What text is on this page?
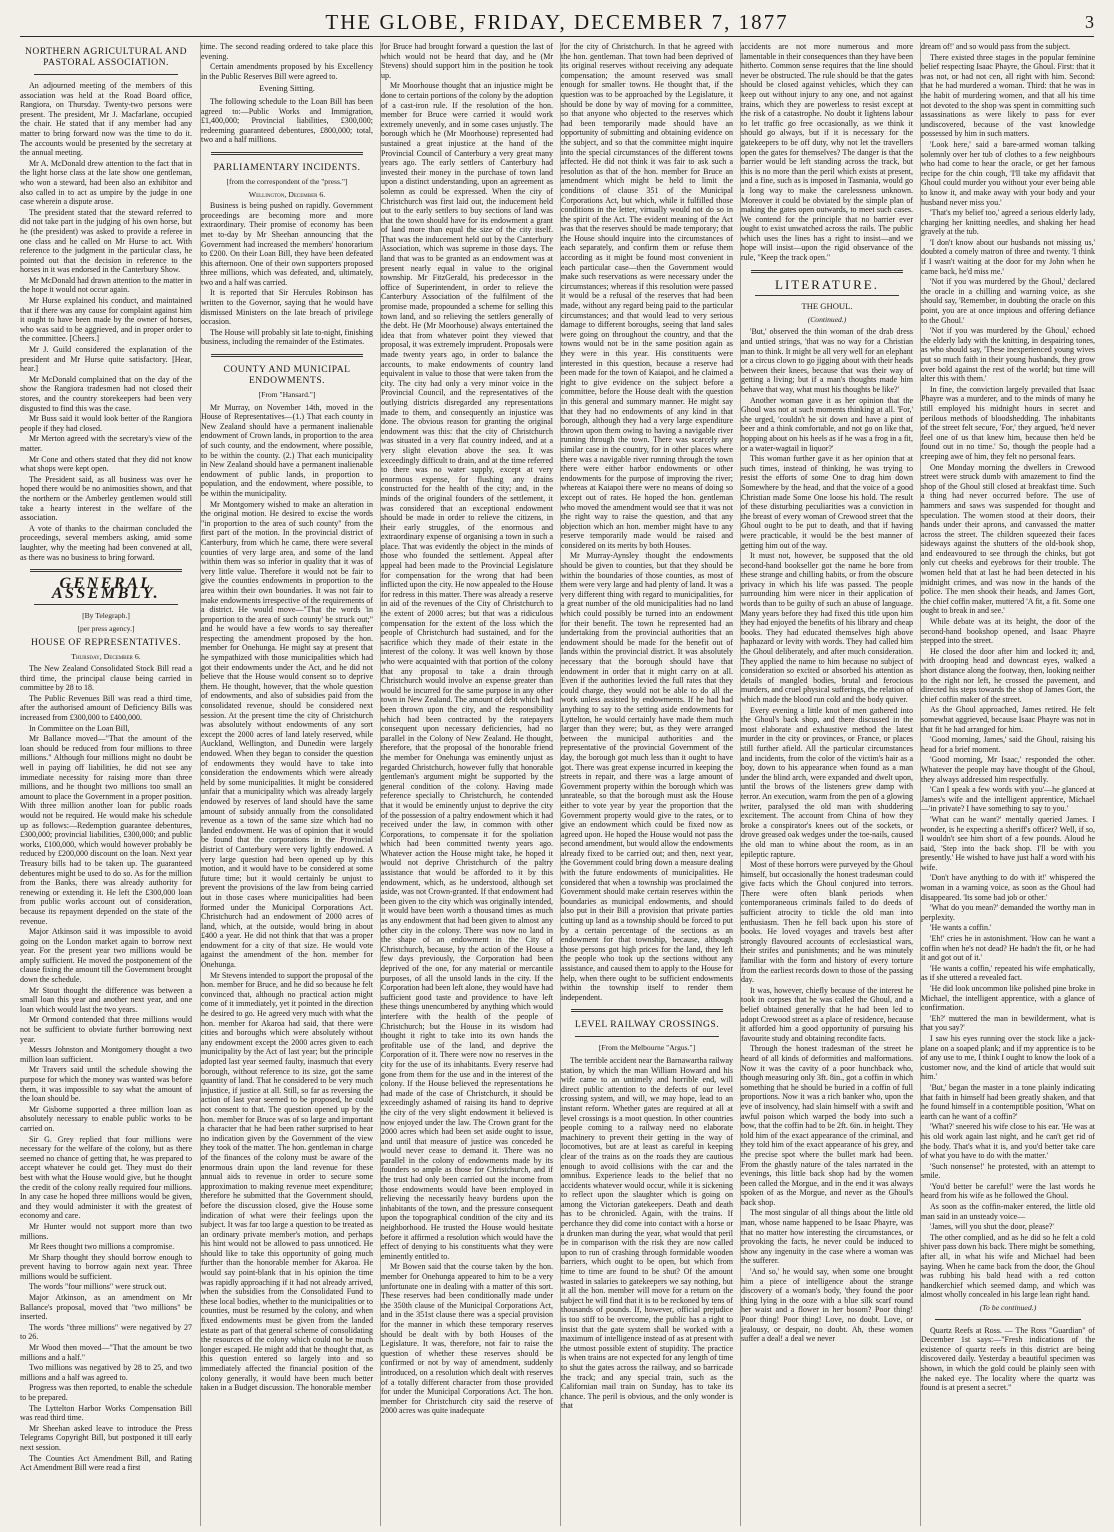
THE GLOBE, FRIDAY, DECEMBER 7, 1877	3
NORTHERN AGRICULTURAL AND PASTORAL ASSOCIATION.

An adjourned meeting of the members of this association was held at the Road Board office, Rangiora, on Thursday. Twenty-two persons were present. The president, Mr J. Macfarlane, occupied the chair. He stated that if any member had any matter to bring forward now was the time to do it. The accounts would be presented by the secretary at the annual meeting.

Mr A. McDonald drew attention to the fact that in the light horse class at the late show one gentleman, who won a steward, had been also an exhibitor and also called in to act as umpire by the judge in one case wherein a dispute arose.

The president stated that the steward referred to did not take part in the judging of his own horse, but he (the president) was asked to provide a referee in one class and he called on Mr Hurse to act. With reference to the judgment in the particular class, he pointed out that the decision in reference to the horses in it was endorsed in the Canterbury Show.

Mr McDonald had drawn attention to the matter in the hope it would not occur again.

Mr Hurse explained his conduct, and maintained that if there was any cause for complaint against him it ought to have been made by the owner of horses, who was said to be aggrieved, and in proper order to the committee. [Cheers.]

Mr J. Guild considered the explanation of the president and Mr Hurse quite satisfactory. [Hear, hear.]

Mr McDonald complained that on the day of the show the Rangiora tradesmen had not closed their stores, and the country storekeepers had been very disgusted to find this was the case.

Mr Buss said it would look better of the Rangiora people if they had closed.

Mr Merton agreed with the secretary's view of the matter.

Mr Cone and others stated that they did not know what shops were kept open.

The President said, as all business was over he hoped there would be no animosities shown, and that the northern or the Amberley gentlemen would still take a hearty interest in the welfare of the association.

A vote of thanks to the chairman concluded the proceedings, several members asking, amid some laughter, why the meeting had been convened at all, as there was no business to bring forward.

GENERAL ASSEMBLY.
[By Telegraph.]
[per press agency.]
HOUSE OF REPRESENTATIVES.
Thursday, December 6.

The New Zealand Consolidated Stock Bill read a third time, the principal clause being carried in committee by 28 to 18.

The Public Revenues Bill was read a third time, after the authorised amount of Deficiency Bills was increased from £300,000 to £400,000.

In Committee on the Loan Bill,

Mr Ballance moved—"That the amount of the loan should be reduced from four millions to three millions." Although four millions might no doubt be well in paying off liabilities, he did not see any immediate necessity for raising more than three millions, and he thought two millions too small an amount to place the Government in a proper position. With three million another loan for public roads would not be required. He would make his schedule up as follows:—Redemption guarantee debentures, £300,000; provincial liabilities, £300,000; and public works, £100,000, which would however probably be reduced by £200,000 discount on the loan. Next year Treasury bills had to be taken up. The guaranteed debentures might be used to do so. As for the million from the Banks, there was already authority for renewing or extending it. He left the £300,000 loan from public works account out of consideration, because its repayment depended on the state of the revenue.

Major Atkinson said it was impossible to avoid going on the London market again to borrow next year. For the present year two millions would be amply sufficient. He moved the postponement of the clause fixing the amount till the Government brought down the schedule.

Mr Stout thought the difference was between a small loan this year and another next year, and one loan which would last the two years.

Mr Ormond contended that three millions would not be sufficient to obviate further borrowing next year.

Messrs Johnston and Montgomery thought a two million loan sufficient.

Mr Travers said until the schedule showing the purpose for which the money was wanted was before them, it was impossible to say what the amount of the loan should be.

Mr Gisborne supported a three million loan as absolutely necessary to enable public works to be carried on.

Sir G. Grey replied that four millions were necessary for the welfare of the colony, but as there seemed no chance of getting that, he was prepared to accept whatever he could get. They must do their best with what the House would give, but he thought the credit of the colony really required four millions. In any case he hoped three millions would be given, and they would administer it with the greatest of economy and care.

Mr Hunter would not support more than two millions.

Mr Rees thought two millions a compromise.

Mr Sharp thought they should borrow enough to prevent having to borrow again next year. Three millions would be sufficient.

The words "four millions" were struck out.

Major Atkinson, as an amendment on Mr Ballance's proposal, moved that "two millions" be inserted.

The words "three millions" were negatived by 27 to 26.

Mr Wood then moved—"That the amount be two millions and a half."

Two millions was negatived by 28 to 25, and two millions and a half was agreed to.

Progress was then reported, to enable the schedule to be prepared.

The Lyttelton Harbor Works Compensation Bill was read third time.

Mr Sheehan asked leave to introduce the Press Telegrams Copyright Bill, but postponed it till early next session.

The Counties Act Amendment Bill, and Rating Act Amendment Bill were read a first

time. The second reading ordered to take place this evening.

Certain amendments proposed by his Excellency in the Public Reserves Bill were agreed to.

Evening Sitting.

The following schedule to the Loan Bill has been agreed to:—Public Works and Immigration, £1,400,000; Provincial liabilities, £300,000; redeeming guaranteed debentures, £800,000; total, two and a half millions.

PARLIAMENTARY INCIDENTS.
[from the correspondent of the "press."]
Wellington, December 6.

Business is being pushed on rapidly. Government proceedings are becoming more and more extraordinary. Their promise of economy has been met to-day by Mr Sheehan announcing that the Government had increased the members' honorarium to £200. On their Loan Bill, they have been defeated this afternoon. One of their own supporters proposed three millions, which was defeated, and, ultimately, two and a half was carried.

It is reported that Sir Hercules Robinson has written to the Governor, saying that he would have dismissed Ministers on the late breach of privilege occasion.

The House will probably sit late to-night, finishing business, including the remainder of the Estimates.

COUNTY AND MUNICIPAL ENDOWMENTS.
[From "Hansard."]

Mr Murray, on November 14th, moved in the House of Representatives—(1.) That each county in New Zealand should have a permanent inalienable endowment of Crown lands, in proportion to the area of such county, and the endowment, where possible, to be within the county. (2.) That each municipality in New Zealand should have a permanent inalienable endowment of public lands, in proportion to population, and the endowment, where possible, to be within the municipality.

Mr Montgomery wished to make an alteration in the original motion. He desired to excise the words "in proportion to the area of such county" from the first part of the motion. In the provincial district of Canterbury, from which he came, there were several counties of very large area, and some of the land within them was so inferior in quality that it was of very little value. Therefore it would not be fair to give the counties endowments in proportion to the area within their own boundaries. It was not fair to make endowments irrespective of the requirements of a district. He would move—"That the words 'in proportion to the area of such county' be struck out;" and he would have a few words to say thereafter respecting the amendment proposed by the hon. member for Onehunga. He might say at present that he sympathized with those municipalities which had got their endowments under the Act, and he did not believe that the House would consent so to deprive them. He thought, however, that the whole question of endowments, and also of subsidies paid from the consolidated revenue, should be considered next session. At the present time the city of Christchurch was absolutely without endowments of any sort except the 2000 acres of land lately reserved, while Auckland, Wellington, and Dunedin were largely endowed. When they began to consider the question of endowments they would have to take into consideration the endowments which were already held by some municipalities. It might be considered unfair that a municipality which was already largely endowed by reserves of land should have the same amount of subsidy annually from the consolidated revenue as a town of the same size which had no landed endowment. He was of opinion that it would be found that the corporations in the Provincial district of Canterbury were very lightly endowed. A very large question had been opened up by this motion, and it would have to be considered at some future time; but it would certainly be unjust to prevent the provisions of the law from being carried out in those cases where municipalities had been formed under the Municipal Corporations Act. Christchurch had an endowment of 2000 acres of land, which, at the outside, would bring in about £400 a year. He did not think that that was a proper endowment for a city of that size. He would vote against the amendment of the hon. member for Onehunga.

Mr Stevens intended to support the proposal of the hon. member for Bruce, and he did so because he felt convinced that, although no practical action might come of it immediately, yet it pointed in the direction he desired to go. He agreed very much with what the hon. member for Akaroa had said, that there were cities and boroughs which were absolutely without any endowment except the 2000 acres given to each municipality by the Act of last year; but the principle adopted last year seemed faulty, inasmuch that every borough, without reference to its size, got the same quantity of land. That he considered to be very much injustice, if justice at all. Still, so far as reversing the action of last year seemed to be proposed, he could not consent to that. The question opened up by the hon. member for Bruce was of so large and important a character that he had been rather surprised to hear no indication given by the Government of the view they took of the matter. The hon. gentleman in charge of the finances of the colony must be aware of the enormous drain upon the land revenue for these annual aids to revenue in order to secure some approximation to making revenue meet expenditure; therefore he submitted that the Government should, before the discussion closed, give the House some indication of what were their feelings upon the subject. It was far too large a question to be treated as an ordinary private member's motion, and perhaps his hint would not be allowed to pass unnoticed. He should like to take this opportunity of going much further than the honorable member for Akaroa. He would say point-blank that in his opinion the time was rapidly approaching if it had not already arrived, when the subsidies from the Consolidated Fund to these local bodies, whether to the municipalities or to counties, must be resumed by the colony, and when fixed endowments must be given from the landed estate as part of that general scheme of consolidating the resources of the colony which could not be much longer escaped. He might add that he thought that, as this question entered so largely into and so immediately affected the financial position of the colony generally, it would have been much better taken in a Budget discussion. The honorable member

for Bruce had brought forward a question the last of which would not be heard that day, and he (Mr Stevens) should support him in the position he took up.

Mr Moorhouse thought that an injustice might be done to certain portions of the colony by the adoption of a cast-iron rule. If the resolution of the hon. member for Bruce were carried it would work extremely unevenly, and in some cases unjustly. The borough which he (Mr Moorhouse) represented had sustained a great injustice at the hand of the Provincial Council of Canterbury a very great many years ago. The early settlers of Canterbury had invested their money in the purchase of town land upon a distinct understanding, upon an agreement as solemn as could be expressed. When the city of Christchurch was first laid out, the inducement held out to the early settlers to buy sections of land was that the town should have for its endowment a grant of land more than equal the size of the city itself. That was the inducement held out by the Canterbury Association, which was supreme in those days. The land that was to be granted as an endowment was at present nearly equal in value to the original township. Mr FitzGerald, his predecessor in the office of Superintendent, in order to relieve the Canterbury Association of the fulfilment of the promise made, propounded a scheme for selling this town land, and so relieving the settlers generally of the debt. He (Mr Moorhouse) always entertained the idea that from whatever point they viewed that proposal, it was extremely imprudent. Proposals were made twenty years ago, in order to balance the accounts, to make endowments of country land equivalent in value to those that were taken from the city. The city had only a very minor voice in the Provincial Council, and the representatives of the outlying districts disregarded any representations made to them, and consequently an injustice was done. The obvious reason for granting the original endowment was this: that the city of Christchurch was situated in a very flat country indeed, and at a very slight elevation above the sea. It was exceedingly difficult to drain, and at the time referred to there was no water supply, except at very enormous expense, for flushing any drains constructed for the health of the city; and, in the minds of the original founders of the settlement, it was considered that an exceptional endowment should be made in order to relieve the citizens, in their early struggles, of the enormous and extraordinary expense of organising a town in such a place. That was evidently the object in the minds of those who founded the settlement. Appeal after appeal had been made to the Provincial Legislature for compensation for the wrong that had been inflicted upon the city. He now appealed to the House for redress in this matter. There was already a reserve in aid of the revenues of the City of Christchurch to the extent of 2000 acres; but that was a ridiculous compensation for the extent of the loss which the people of Christchurch had sustained, and for the sacrifice which they made of their estate in the interest of the colony. It was well known by those who were acquainted with that portion of the colony that any proposal to take a drain through Christchurch would involve an expense greater than would be incurred for the same purpose in any other town in New Zealand. The amount of debt which had been thrown upon the city, and the responsibility which had been contracted by the ratepayers consequent upon necessary deficiencies, had no parallel in the Colony of New Zealand. He thought, therefore, that the proposal of the honorable friend the member for Onehunga was eminently unjust as regarded Christchurch, however fully that honorable gentleman's argument might be supported by the general condition of the colony. Having made reference specially to Christchurch, he contended that it would be eminently unjust to deprive the city of the possession of a paltry endowment which it had received under the law, in common with other Corporations, to compensate it for the spoliation which had been committed twenty years ago. Whatever action the House might take, he hoped it would not deprive Christchurch of the paltry assistance that would be afforded to it by this endowment, which, as he understood, although set aside, was not Crown-granted. If that endowment had been given to the city which was originally intended, it would have been worth a thousand times as much as any endowment that had been given to almost any other city in the colony. There was now no land in the shape of an endowment in the City of Christchurch, because, by the action of the House a few days previously, the Corporation had been deprived of the one, for any material or mercantile purposes, of all the unsold lands in the city. If the Corporation had been left alone, they would have had sufficient good taste and providence to have left these things unencumbered by anything which would interfere with the health of the people of Christchurch; but the House in its wisdom had thought it right to take into its own hands the profitable use of the land, and deprive the Corporation of it. There were now no reserves in the city for the use of its inhabitants. Every reserve had gone from them for the use and in the interest of the colony. If the House believed the representations he had made of the case of Christchurch, it should be exceedingly ashamed of raising its hand to deprive the city of the very slight endowment it believed is now enjoyed under the law. The Crown grant for the 2000 acres which had been set aside ought to issue, and until that measure of justice was conceded he would never cease to demand it. There was no parallel in the colony of endowments made by its founders so ample as those for Christchurch, and if the trust had only been carried out the income from those endowments would have been employed in relieving the necessarily heavy burdens upon the inhabitants of the town, and the pressure consequent upon the topographical condition of the city and its neighborhood. He trusted the House would hesitate before it affirmed a resolution which would have the effect of denying to his constituents what they were eminently entitled to.

Mr Bowen said that the course taken by the hon. member for Onehunga appeared to him to be a very unfortunate one in dealing with a matter of this sort. These reserves had been conditionally made under the 350th clause of the Municipal Corporations Act, and in the 351st clause there was a special provision for the manner in which these temporary reserves should be dealt with by both Houses of the Legislature. It was, therefore, not fair to raise the question of whether these reserves should be confirmed or not by way of amendment, suddenly introduced, on a resolution which dealt with reserves of a totally different character from those provided for under the Municipal Corporations Act. The hon. member for Christchurch city said the reserve of 2000 acres was quite inadequate

for the city of Christchurch. In that he agreed with the hon. gentleman. That town had been deprived of its original reserves without receiving any adequate compensation; the amount reserved was small enough for smaller towns. He thought that, if the question was to be approached by the Legislature, it should be done by way of moving for a committee, so that anyone who objected to the reserves which had been temporarily made should have an opportunity of submitting and obtaining evidence on the subject, and so that the committee might inquire into the special circumstances of the different towns affected. He did not think it was fair to ask such a resolution as that of the hon. member for Bruce an amendment which might be held to limit the conditions of clause 351 of the Municipal Corporations Act, but which, while it fulfilled those conditions in the letter, virtually would not do so in the spirit of the Act. The evident meaning of the Act was that the reserves should be made temporary; that the House should inquire into the circumstances of each separately, and confirm them or refuse them according as it might be found most convenient in each particular case—then the Government would make such reservations as were necessary under the circumstances; whereas if this resolution were passed it would be a refusal of the reserves that had been made, without any regard being paid to the particular circumstances; and that would lead to very serious damage to different boroughs, seeing that land sales were going on throughout the country, and that the towns would not be in the same position again as they were in this year. His constituents were interested in this question, because a reserve had been made for the town of Kaiapoi, and he claimed a right to give evidence on the subject before a committee, before the House dealt with the question in this general and summary manner. He might say that they had no endowments of any kind in that borough, although they had a very large expenditure thrown upon them owing to having a navigable river running through the town. There was scarcely any similar case in the country, for in other places where there was a navigable river running through the town there were either harbor endowments or other endowments for the purpose of improving the river; whereas at Kaiapoi there were no means of doing so except out of rates. He hoped the hon. gentleman who moved the amendment would see that it was not the right way to raise the question, and that any objection which an hon. member might have to any reserve temporarily made would be raised and considered on its merits by both Houses.

Mr Murray-Aynsley thought the endowments should be given to counties, but that they should be within the boundaries of those counties, as most of them were very large and had plenty of land. It was a very different thing with regard to municipalities, for a great number of the old municipalities had no land which could possibly be turned into an endowment for their benefit. The town he represented had an undertaking from the provincial authorities that an endowment should be made for the benefit out of lands within the provincial district. It was absolutely necessary that the borough should have that endowment in order that it might carry on at all. Even if the authorities levied the full rates that they could charge, they would not be able to do all the work unless assisted by endowments. If he had had anything to say to the setting aside endowments for Lyttelton, he would certainly have made them much larger than they were; but, as they were arranged between the municipal authorities and the representative of the provincial Government of the day, the borough got much less than it ought to have got. There was great expense incurred in keeping the streets in repair, and there was a large amount of Government property within the borough which was unrateable, so that the borough must ask the House either to vote year by year the proportion that the Government property would give to the rates, or to give an endowment which could be fixed now as agreed upon. He hoped the House would not pass the second amendment, but would allow the endowments already fixed to be carried out; and then, next year, the Government could bring down a measure dealing with the future endowments of municipalities. He considered that when a township was proclaimed the Government should make certain reserves within the boundaries as municipal endowments, and should also put in their Bill a provision that private parties cutting up land as a township should be forced to put by a certain percentage of the sections as an endowment for that township, because, although those persons got high prices for the land, they left the people who took up the sections without any assistance, and caused them to apply to the House for help, when there ought to be sufficient endowments within the township itself to render them independent.

LEVEL RAILWAY CROSSINGS.
[From the Melbourne "Argus."]

The terrible accident near the Barnawartha railway station, by which the man William Howard and his wife came to an untimely and horrible end, will direct public attention to the defects of our level crossing system, and will, we may hope, lead to an instant reform. Whether gates are required at all at level crossings is a moot question. In other countries people coming to a railway need no elaborate machinery to prevent their getting in the way of locomotives, but are at least as careful in keeping clear of the trains as on the roads they are cautious enough to avoid collisions with the car and the omnibus. Experience leads to the belief that no accidents whatever would occur, while it is sickening to reflect upon the slaughter which is going on among the Victorian gatekeepers. Death and death has to be chronicled. Again, with the trains. If perchance they did come into contact with a horse or a drunken man during the year, what would that peril be in comparison with the risk they are now called upon to run of crashing through formidable wooden barriers, which ought to be open, but which from time to time are found to be shut? Of the amount wasted in salaries to gatekeepers we say nothing, but it all the hon. member will move for a return on the subject he will find that it is to be reckoned by tens of thousands of pounds. If, however, official prejudice is too stiff to be overcome, the public has a right to insist that the gate system shall be worked with a maximum of intelligence instead of as at present with the utmost possible extent of stupidity. The practice is when trains are not expected for any length of time to shut the gates across the railway, and so barricade the track; and any special train, such as the Californian mail train on Sunday, has to take its chance. The peril is obvious, and the only wonder is that

accidents are not more numerous and more lamentable in their consequences than they have been hitherto. Common sense requires that the line should never be obstructed. The rule should be that the gates should be closed against vehicles, which they can keep out without injury to any one, and not against trains, which they are powerless to resist except at the risk of a catastrophe. No doubt it lightens labour to let traffic go free occasionally, as we think it should go always, but if it is necessary for the gatekeepers to be off duty, why not let the travellers open the gates for themselves? The danger is that the barrier would be left standing across the track, but this is no more than the peril which exists at present, and a fine, such as is imposed in Tasmania, would go a long way to make the carelessness unknown. Moreover it could be obviated by the simple plan of making the gates open outwards, to meet such cases. We contend for the principle that no barrier ever ought to exist unwatched across the rails. The public which uses the lines has a right to insist—and we hope will insist—upon the rigid observance of the rule, "Keep the track open."

LITERATURE.
THE GHOUL.
(Continued.)

'But,' observed the thin woman of the drab dress and untied strings, 'that was no way for a Christian man to think. It might be all very well for an elephant or a circus clown to go jigging about with their heads between their knees, because that was their way of getting a living; but if a man's thoughts made him behave that way, what must his thoughts be like?'

Another woman gave it as her opinion that the Ghoul was not at such moments thinking at all. 'For,' she urged, 'couldn't he sit down and have a pint of beer and a think comfortable, and not go on like that, hopping about on his heels as if he was a frog in a fit, or a water-wagtail in liquor?'

This woman further gave it as her opinion that at such times, instead of thinking, he was trying to resist the efforts of some One to drag him down Somewhere by the head, and that the voice of a good Christian made Some One loose his hold. The result of these disturbing peculiarities was a conviction in the breast of every woman of Crewood street that the Ghoul ought to be put to death, and that if having were practicable, it would be the best manner of getting him out of the way.

It must not, however, be supposed that the old second-hand bookseller got the name he bore from these strange and chilling habits, or from the obscure privacy in which his life was passed. The people surrounding him were nicer in their application of words than to be guilty of such an abuse of language. Many years before they had fixed this title upon him they had enjoyed the benefits of his library and cheap books. They had educated themselves high above haphazard or levity with words. They had called him the Ghoul deliberately, and after much consideration. They applied the name to him because no subject of consideration so excited or absorbed his attention as details of mangled bodies, brutal and ferocious murders, and cruel physical sufferings, the relation of which made the blood run cold and the body quiver.

Every evening a little knot of men gathered into the Ghoul's back shop, and there discussed in the most elaborate and exhaustive method the latest murder in the city or provinces, or France, or places still further afield. All the particular circumstances and incidents, from the color of the victim's hair as a boy, down to his appearance when found as a man under the blind arch, were expanded and dwelt upon, until the brows of the listeners grew damp with terror. An execution, warm from the pen of a glowing writer, paralysed the old man with shuddering excitement. The account from China of how they broke a conspirator's knees out of the sockets, or drove greased oak wedges under the toe-nails, caused the old man to whine about the room, as in an epileptic rapture.

Most of these horrors were purveyed by the Ghoul himself, but occasionally the honest tradesman could give facts which the Ghoul conjured into terrors. There were often blank periods when contemporaneous criminals failed to do deeds of sufficient atrocity to tickle the old man into enthusiasm. Then he fell back upon his store of books. He loved voyages and travels best after strongly flavoured accounts of ecclesiastical wars, their strifes and punishments; and he was minutely familiar with the form and history of every torture from the earliest records down to those of the passing day.

It was, however, chiefly because of the interest he took in corpses that he was called the Ghoul, and a belief obtained generally that he had been led to adopt Crewood street as a place of residence, because it afforded him a good opportunity of pursuing his favourite study and obtaining recondite facts.

Through the honest tradesman of the street he heard of all kinds of deformities and malformations. Now it was the cavity of a poor hunchback who, though measuring only 3ft. 8in., got a coffin in which something that he should be buried in a coffin of full proportions. Now it was a rich banker who, upon the eve of insolvency, had slain himself with a swift and awful poison which warped the body into such a bow, that the coffin had to be 2ft. 6in. in height. They told him of the exact appearance of the criminal, and they told him of the exact appearance of his grey, and the precise spot where the bullet mark had been. From the ghastly nature of the tales narrated in the evenings, this little back shop had by the women been called the Morgue, and in the end it was always spoken of as the Morgue, and never as the Ghoul's back shop.

The most singular of all things about the little old man, whose name happened to be Isaac Phayre, was that no matter how interesting the circumstances, or provoking the facts, he never could be induced to show any ingenuity in the case where a woman was the sufferer.

'And so,' he would say, when some one brought him a piece of intelligence about the strange discovery of a woman's body, 'they found the poor thing lying in the ooze with a blue silk scarf round her waist and a flower in her bosom? Poor thing! Poor thing! Poor thing! Love, no doubt. Love, or jealousy, or despair, no doubt. Ah, these women suffer a deal! a deal we never

dream of!' and so would pass from the subject.

There existed three stages in the popular feminine belief respecting Isaac Phayre, the Ghoul. First: that it was not, or had not cen, all right with him. Second: that he had murdered a woman. Third: that he was in the habit of murdering women, and that all his time not devoted to the shop was spent in committing such assassinations as were likely to pass for ever undiscovered, because of the vast knowledge possessed by him in such matters.

'Look here,' said a bare-armed woman talking solemnly over her tub of clothes to a few neighbours who had come to hear the oracle, or get her famous recipe for the chin cough, 'I'll take my affidavit that Ghoul could murder you without your ever being able to know it, and make away with your body and your husband never miss you.'

'That's my belief too,' agreed a serious elderly lady, charging her knitting needles, and shaking her head gravely at the tub.

'I don't know about our husbands not missing us,' doubted a comely matron of three and twenty. 'I think if I wasn't waiting at the door for my John when he came back, he'd miss me.'

'Not if you was murdered by the Ghoul,' declared the oracle in a chilling and warning voice, as she should say, 'Remember, in doubting the oracle on this point, you are at once impious and offering defiance to the Ghoul.'

'Not if you was murdered by the Ghoul,' echoed the elderly lady with the knitting, in despairing tones, as who should say, 'These inexperienced young wives put so much faith in their young husbands, they grow over bold against the rest of the world; but time will alter this with them.'

In fine, the conviction largely prevailed that Isaac Phayre was a murderer, and to the minds of many he still employed his midnight hours in secret and perilous methods of bloodshedding. The inhabitants of the street felt secure, 'For,' they argued, 'he'd never feel one of us that knew him, because then he'd be found out in no time.' So, though the people had a creeping awe of him, they felt no personal fears.

One Monday morning the dwellers in Crewood street were struck dumb with amazement to find the shop of the Ghoul still closed at breakfast time. Such a thing had never occurred before. The use of hammers and saws was suspended for thought and speculation. The women stood at their doors, their hands under their aprons, and canvassed the matter across the street. The children squeezed their faces sideways against the shutters of the old-book shop, and endeavoured to see through the chinks, but got only cut cheeks and eyebrows for their trouble. The women held that at last he had been detected in his midnight crimes, and was now in the hands of the police. The men shook their heads, and James Gort, the chief coffin maker, muttered 'A fit, a fit. Some one ought to break in and see.'

While debate was at its height, the door of the second-hand bookshop opened, and Isaac Phayre stepped into the street.

He closed the door after him and locked it; and, with drooping head and downcast eyes, walked a short distance along the footway, then, looking neither to the right nor left, he crossed the pavement, and directed his steps towards the shop of James Gort, the chief coffin maker of the street.

As the Ghoul approached, James retired. He felt somewhat aggrieved, because Isaac Phayre was not in that fit he had arranged for him.

'Good morning, James,' said the Ghoul, raising his head for a brief moment.

'Good morning, Mr Isaac,' responded the other. Whatever the people may have thought of the Ghoul, they always addressed him respectfully.

'Can I speak a few words with you'—he glanced at James's wife and the intelligent apprentice, Michael—'in private? I have something to say to you.'

'What can he want?' mentally queried James. I wonder, is he expecting a sheriff's officer? Well, if so, I wouldn't see him short of a few pounds. Aloud he said, 'Step into the back shop. I'll be with you presently.' He wished to have just half a word with his wife.

'Don't have anything to do with it!' whispered the woman in a warning voice, as soon as the Ghoul had disappeared. 'Its some bad job or other.'

'What do you mean?' demanded the worthy man in perplexity.

'He wants a coffin.'

'Eh!' cries he in astonishment. 'How can he want a coffin when he's not dead? He hadn't the fit, or he had it and got out of it.'

'He wants a coffin,' repeated his wife emphatically, as if she uttered a revealed fact.

'He did look uncommon like polished pine broke in Michael, the intelligent apprentice, with a glance of confirmation.

'Eh?' muttered the man in bewilderment, what is that you say?'

I saw his eyes running over the stock like a jack-plane on a soaped plank; and if my apprentice is to be of any use to me, I think I ought to know the look of a customer now, and the kind of article that would suit him.'

'But,' began the master in a tone plainly indicating that faith in himself had been greatly shaken, and that he found himself in a contemptible position, 'What on earth can he want of a coffin?'

'What?' sneered his wife close to his ear. 'He was at his old work again last night, and he can't get rid of the body. That's what it is, and you'd better take care of what you have to do with the matter.'

'Such nonsense!' he protested, with an attempt to smile.

'You'd better be careful!' were the last words he heard from his wife as he followed the Ghoul.

As soon as the coffin-maker entered, the little old man said in an unsteady voice—

'James, will you shut the door, please?'

The other complied, and as he did so he felt a cold shiver pass down his back. There might be something, after all, in what his wife and Michael had been saying. When he came back from the door, the Ghoul was rubbing his bald head with a red cotton handkerchief which seemed damp, and which was almost wholly concealed in his large lean right hand.

(To be continued.)

Quartz Reefs at Ross. — The Ross "Guardian" of December 1st says:—"Fresh indications of the existence of quartz reefs in this district are being discovered daily. Yesterday a beautiful specimen was shown, in which the gold could be plainly seen with the naked eye. The locality where the quartz was found is at present a secret."
